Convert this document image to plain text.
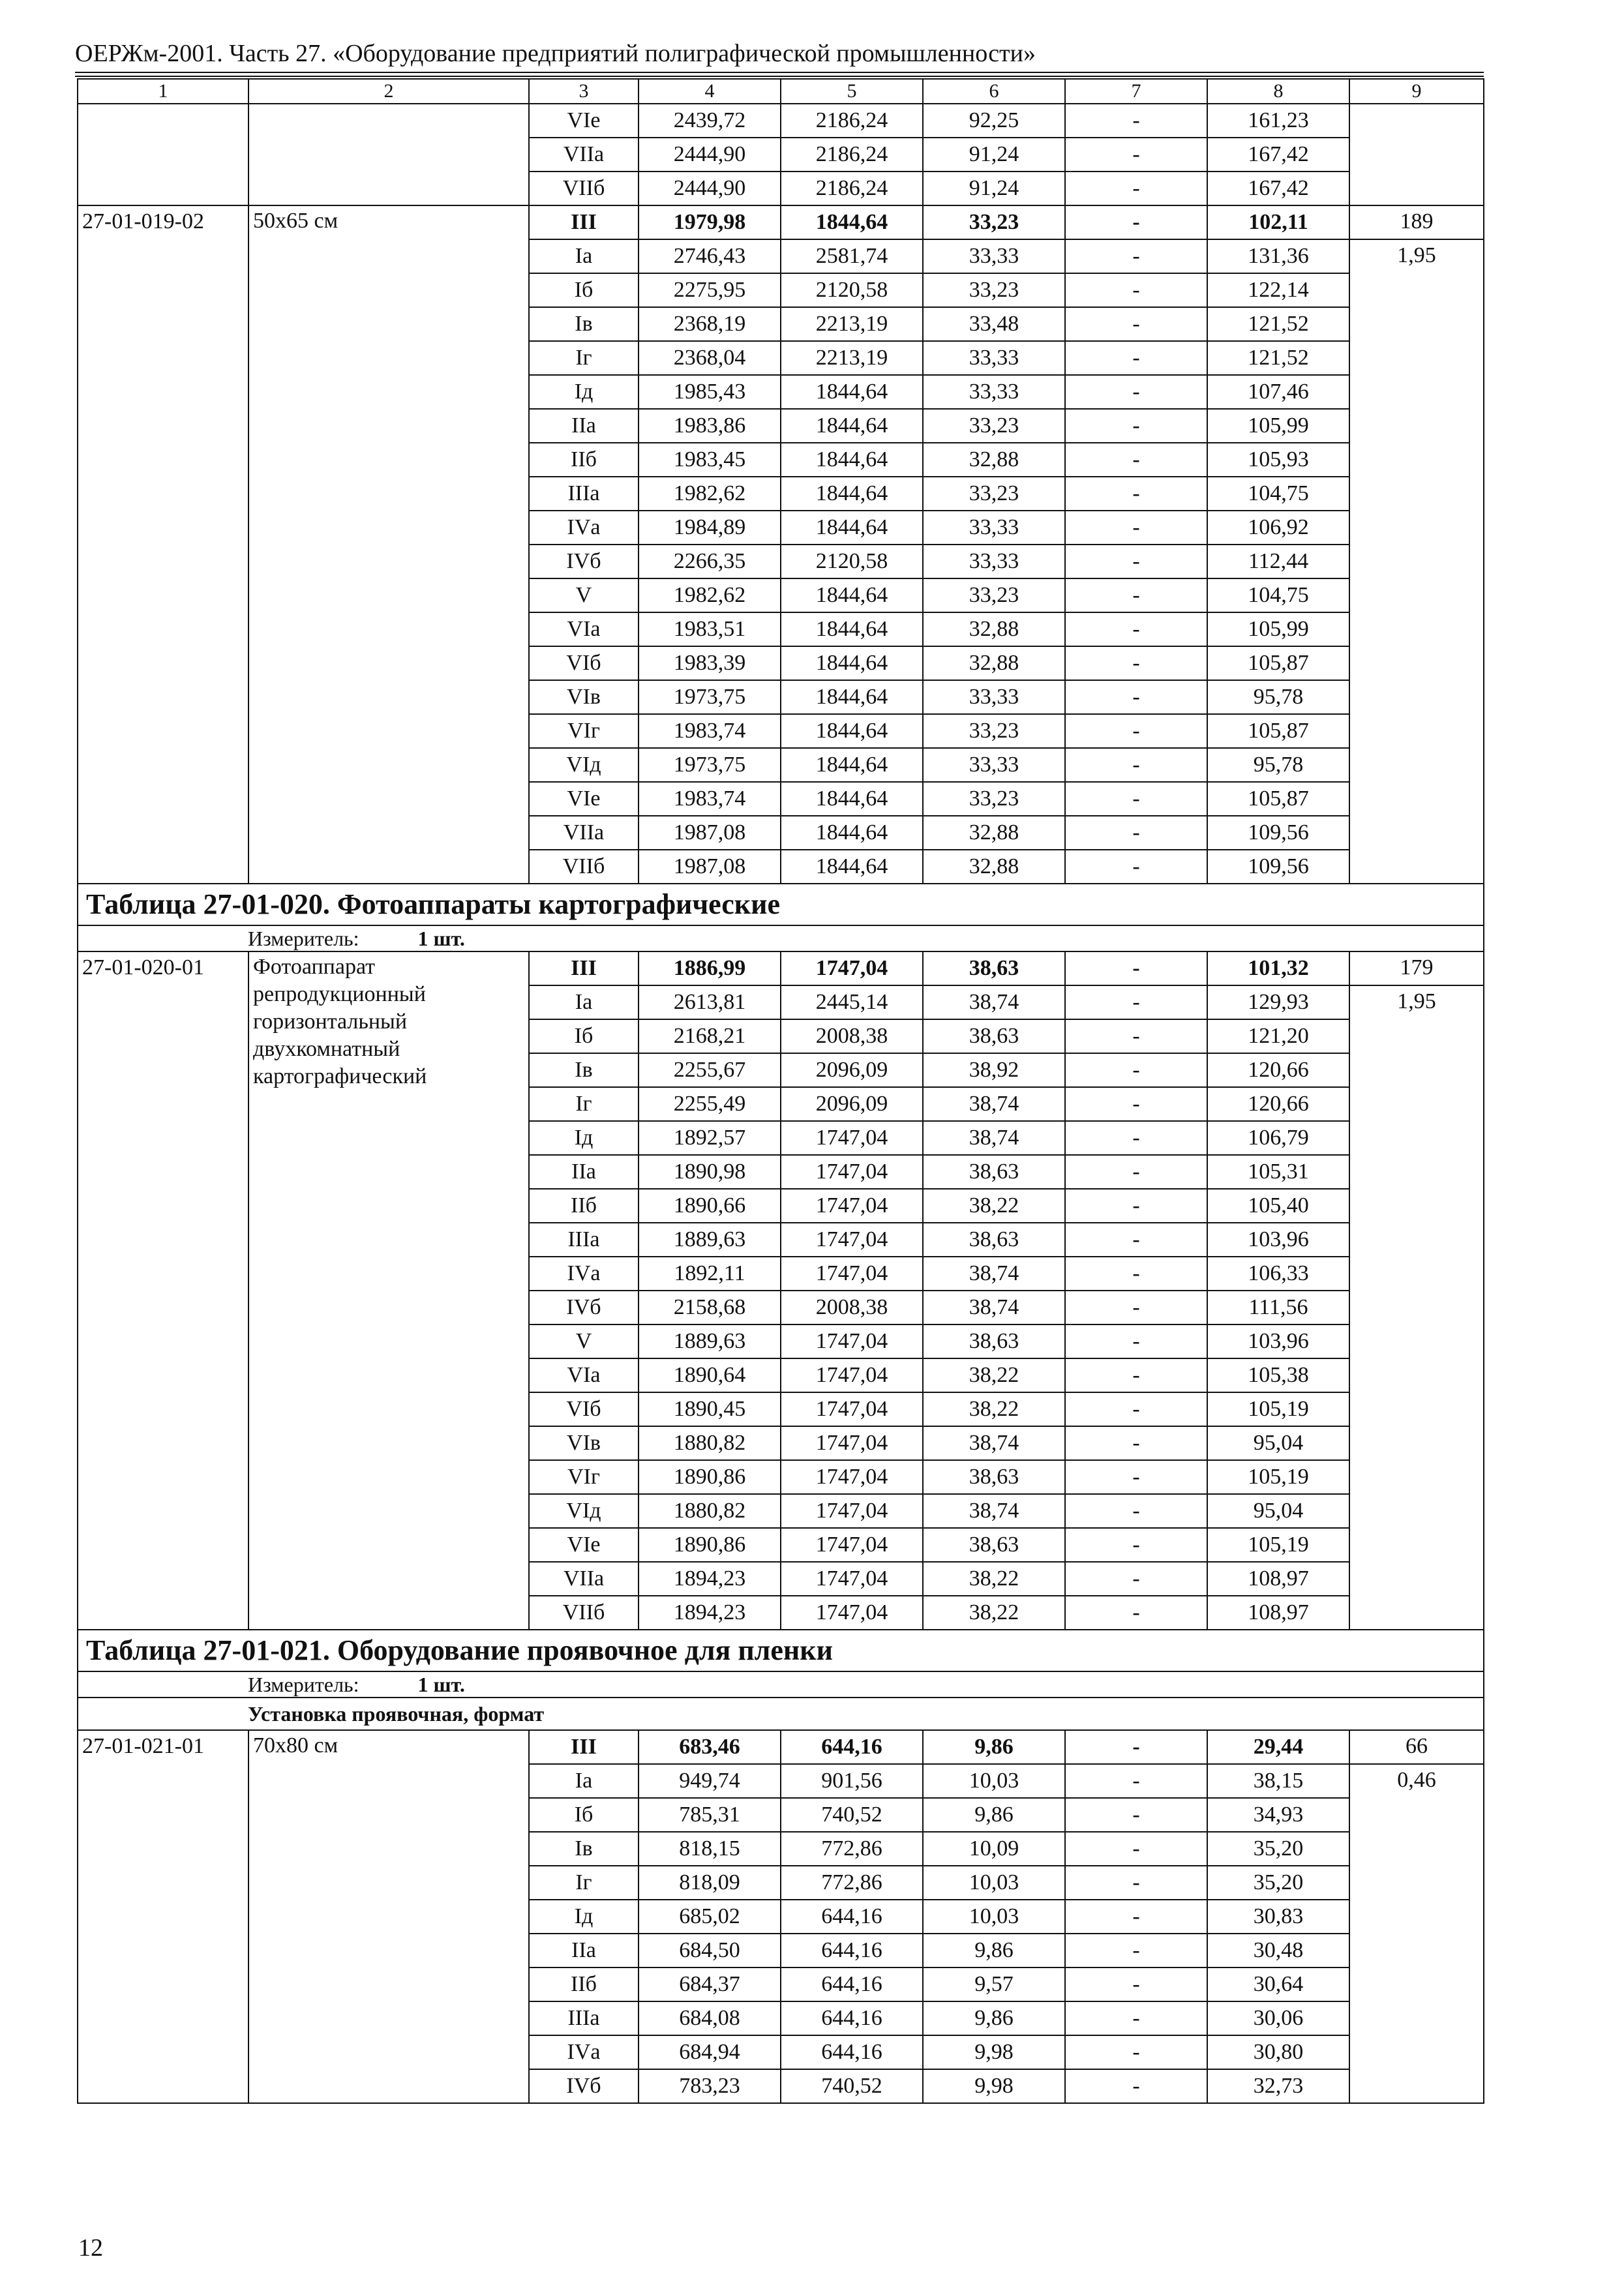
ОЕРЖм-2001. Часть 27. «Оборудование предприятий полиграфической промышленности»
1	2	3	4	5	6	7	8	9
		VIе	2439,72	2186,24	92,25	-	161,23	
		VIIа	2444,90	2186,24	91,24	-	167,42	
		VIIб	2444,90	2186,24	91,24	-	167,42	
27-01-019-02	50х65 см	III	1979,98	1844,64	33,23	-	102,11	189
		Iа	2746,43	2581,74	33,33	-	131,36	1,95
		Iб	2275,95	2120,58	33,23	-	122,14	
		Iв	2368,19	2213,19	33,48	-	121,52	
		Iг	2368,04	2213,19	33,33	-	121,52	
		Iд	1985,43	1844,64	33,33	-	107,46	
		IIа	1983,86	1844,64	33,23	-	105,99	
		IIб	1983,45	1844,64	32,88	-	105,93	
		IIIа	1982,62	1844,64	33,23	-	104,75	
		IVа	1984,89	1844,64	33,33	-	106,92	
		IVб	2266,35	2120,58	33,33	-	112,44	
		V	1982,62	1844,64	33,23	-	104,75	
		VIа	1983,51	1844,64	32,88	-	105,99	
		VIб	1983,39	1844,64	32,88	-	105,87	
		VIв	1973,75	1844,64	33,33	-	95,78	
		VIг	1983,74	1844,64	33,23	-	105,87	
		VIд	1973,75	1844,64	33,33	-	95,78	
		VIе	1983,74	1844,64	33,23	-	105,87	
		VIIа	1987,08	1844,64	32,88	-	109,56	
		VIIб	1987,08	1844,64	32,88	-	109,56	
Таблица 27-01-020. Фотоаппараты картографические								
Измеритель: 1 шт.								
27-01-020-01	Фотоаппарат репродукционный горизонтальный двухкомнатный картографический	III	1886,99	1747,04	38,63	-	101,32	179
		Iа	2613,81	2445,14	38,74	-	129,93	1,95
		Iб	2168,21	2008,38	38,63	-	121,20	
		Iв	2255,67	2096,09	38,92	-	120,66	
		Iг	2255,49	2096,09	38,74	-	120,66	
		Iд	1892,57	1747,04	38,74	-	106,79	
		IIа	1890,98	1747,04	38,63	-	105,31	
		IIб	1890,66	1747,04	38,22	-	105,40	
		IIIа	1889,63	1747,04	38,63	-	103,96	
		IVа	1892,11	1747,04	38,74	-	106,33	
		IVб	2158,68	2008,38	38,74	-	111,56	
		V	1889,63	1747,04	38,63	-	103,96	
		VIа	1890,64	1747,04	38,22	-	105,38	
		VIб	1890,45	1747,04	38,22	-	105,19	
		VIв	1880,82	1747,04	38,74	-	95,04	
		VIг	1890,86	1747,04	38,63	-	105,19	
		VIд	1880,82	1747,04	38,74	-	95,04	
		VIе	1890,86	1747,04	38,63	-	105,19	
		VIIа	1894,23	1747,04	38,22	-	108,97	
		VIIб	1894,23	1747,04	38,22	-	108,97	
Таблица 27-01-021. Оборудование проявочное для пленки								
Измеритель: 1 шт.								
Установка проявочная, формат								
27-01-021-01	70х80 см	III	683,46	644,16	9,86	-	29,44	66
		Iа	949,74	901,56	10,03	-	38,15	0,46
		Iб	785,31	740,52	9,86	-	34,93	
		Iв	818,15	772,86	10,09	-	35,20	
		Iг	818,09	772,86	10,03	-	35,20	
		Iд	685,02	644,16	10,03	-	30,83	
		IIа	684,50	644,16	9,86	-	30,48	
		IIб	684,37	644,16	9,57	-	30,64	
		IIIа	684,08	644,16	9,86	-	30,06	
		IVа	684,94	644,16	9,98	-	30,80	
		IVб	783,23	740,52	9,98	-	32,73	
12
